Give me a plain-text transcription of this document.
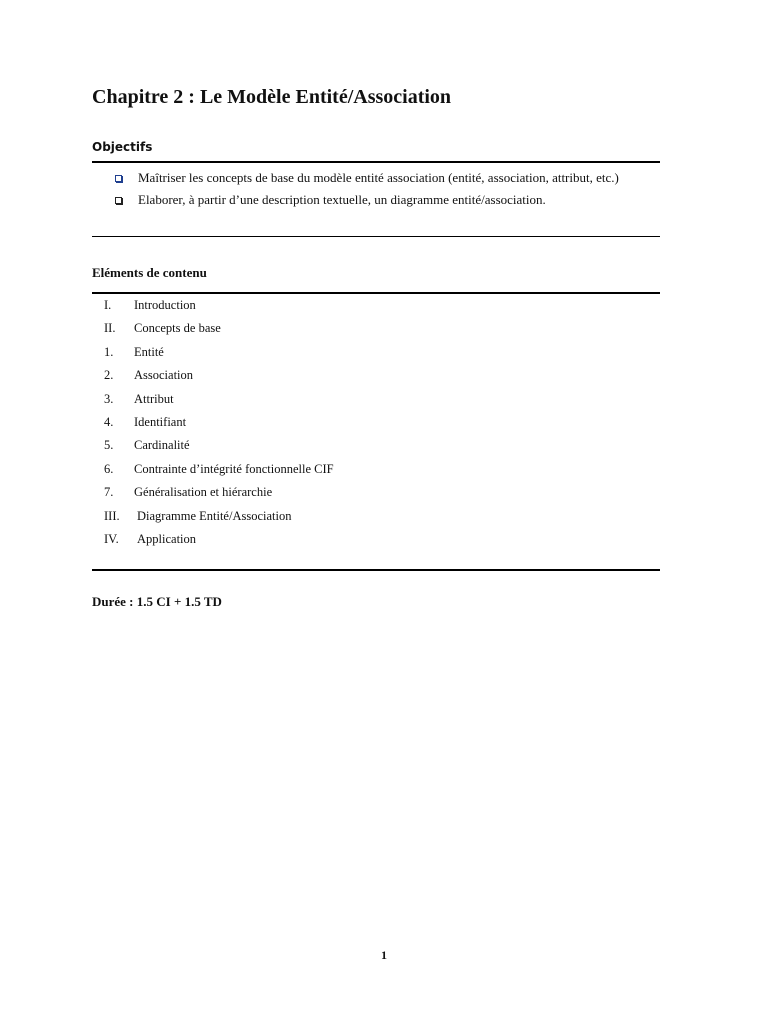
Chapitre 2 : Le Modèle Entité/Association
Objectifs
Maîtriser les concepts de base du modèle entité association (entité, association, attribut, etc.)
Elaborer, à partir d’une description textuelle, un diagramme entité/association.
Eléments de contenu
I.	Introduction
II.	Concepts de base
1.	Entité
2.	Association
3.	Attribut
4.	Identifiant
5.	Cardinalité
6.	Contrainte d’intégrité fonctionnelle CIF
7.	Généralisation et hiérarchie
III.	Diagramme Entité/Association
IV.	Application

Durée : 1.5 CI + 1.5 TD

1
